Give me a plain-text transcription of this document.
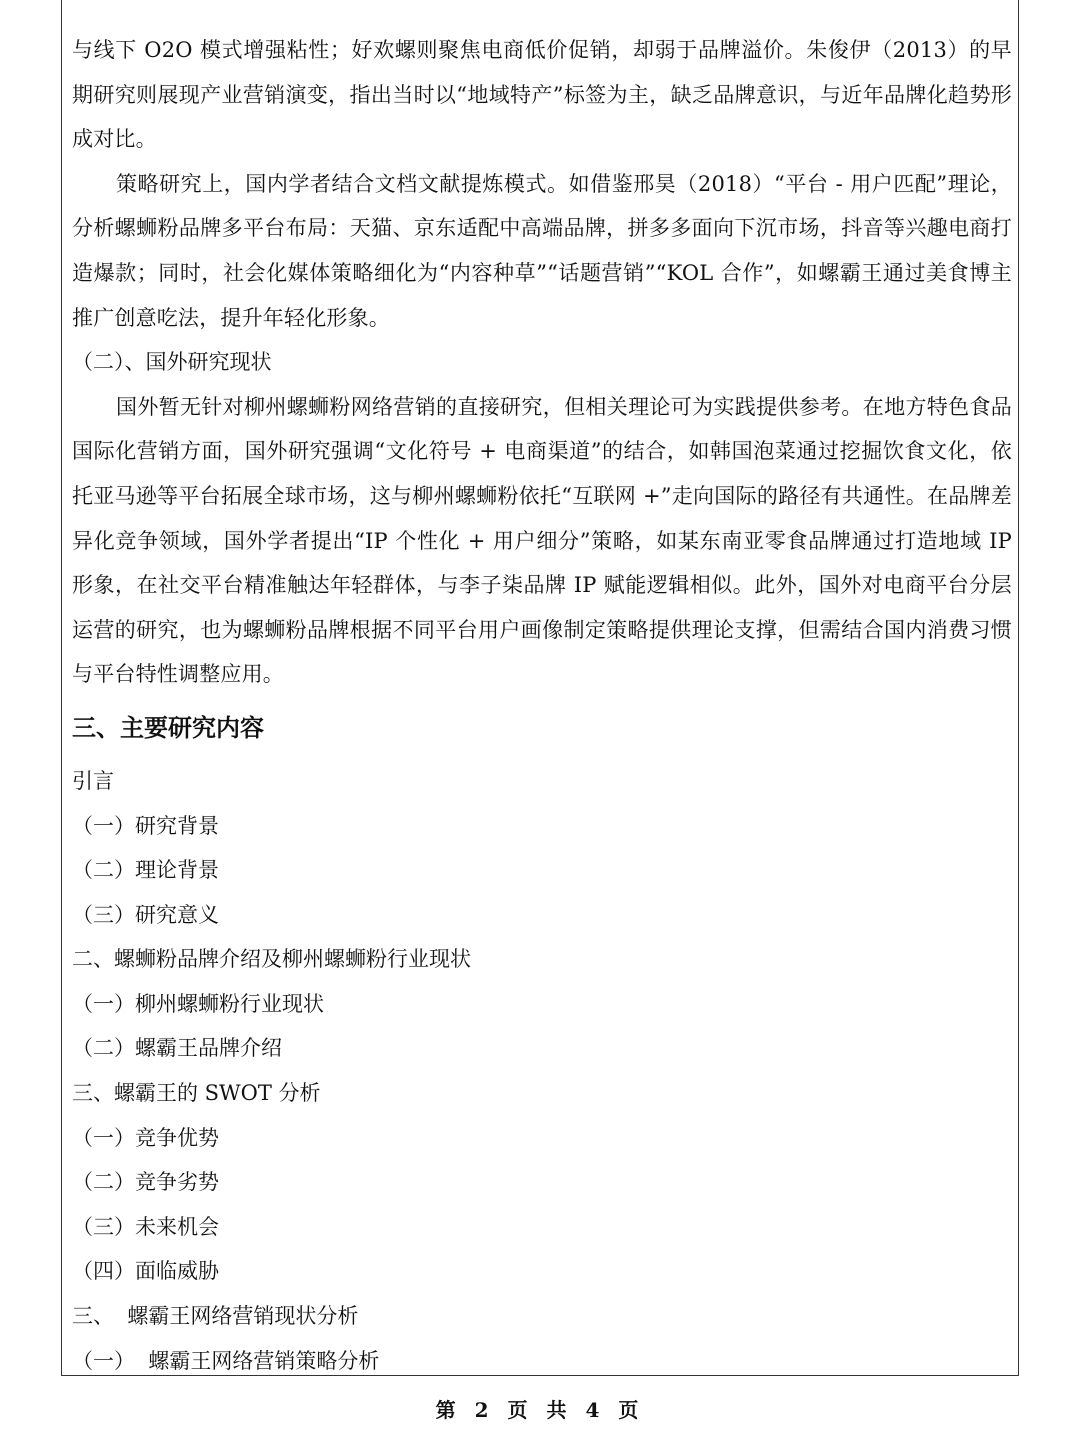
与线下 O2O 模式增强粘性；好欢螺则聚焦电商低价促销，却弱于品牌溢价。朱俊伊（2013）的早期研究则展现产业营销演变，指出当时以“地域特产”标签为主，缺乏品牌意识，与近年品牌化趋势形成对比。

策略研究上，国内学者结合文档文献提炼模式。如借鉴邢昊（2018）“平台 - 用户匹配”理论，分析螺蛳粉品牌多平台布局：天猫、京东适配中高端品牌，拼多多面向下沉市场，抖音等兴趣电商打造爆款；同时，社会化媒体策略细化为“内容种草”“话题营销”“KOL 合作”，如螺霸王通过美食博主推广创意吃法，提升年轻化形象。

（二）、国外研究现状

国外暂无针对柳州螺蛳粉网络营销的直接研究，但相关理论可为实践提供参考。在地方特色食品国际化营销方面，国外研究强调“文化符号 + 电商渠道”的结合，如韩国泡菜通过挖掘饮食文化，依托亚马逊等平台拓展全球市场，这与柳州螺蛳粉依托“互联网 +”走向国际的路径有共通性。在品牌差异化竞争领域，国外学者提出“IP 个性化 + 用户细分”策略，如某东南亚零食品牌通过打造地域 IP 形象，在社交平台精准触达年轻群体，与李子柒品牌 IP 赋能逻辑相似。此外，国外对电商平台分层运营的研究，也为螺蛳粉品牌根据不同平台用户画像制定策略提供理论支撑，但需结合国内消费习惯与平台特性调整应用。

三、主要研究内容

引言

（一）研究背景

（二）理论背景

（三）研究意义

二、螺蛳粉品牌介绍及柳州螺蛳粉行业现状

（一）柳州螺蛳粉行业现状

（二）螺霸王品牌介绍

三、螺霸王的 SWOT 分析

（一）竞争优势

（二）竞争劣势

（三）未来机会

（四）面临威胁

三、  螺霸王网络营销现状分析

（一）  螺霸王网络营销策略分析

第 2 页 共 4 页
